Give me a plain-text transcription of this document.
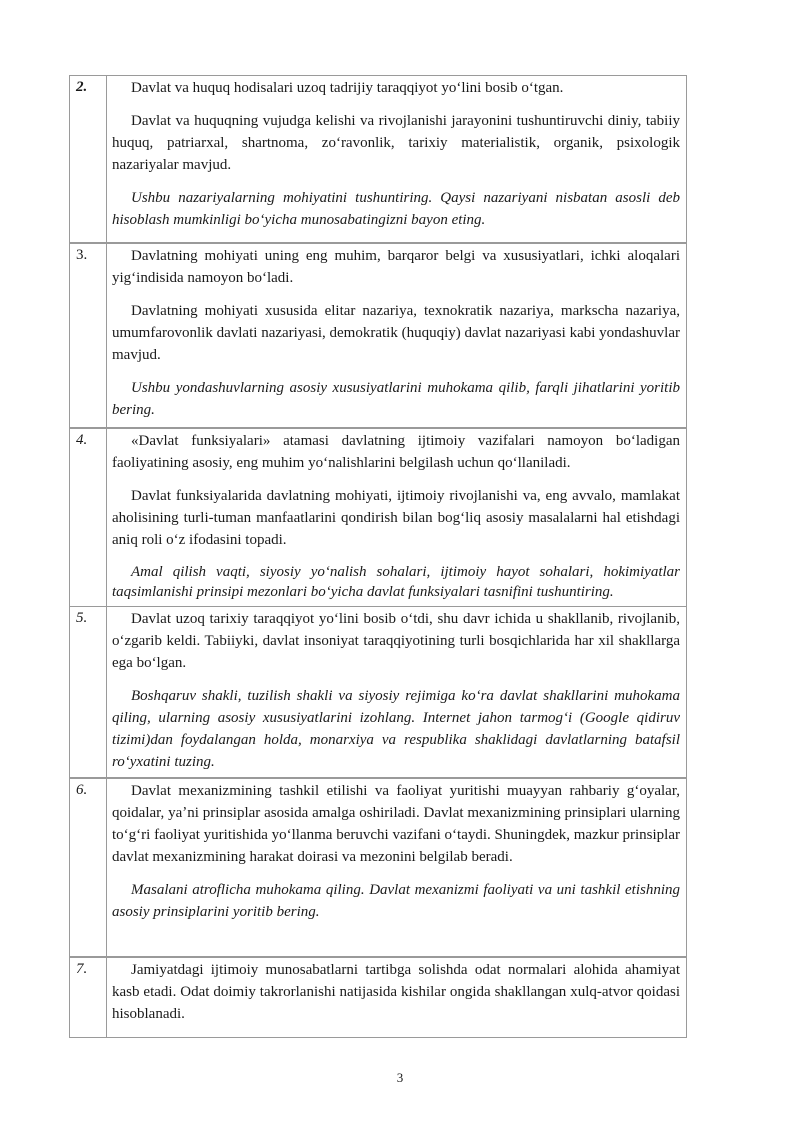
2.	Davlat va huquq hodisalari uzoq tadrijiy taraqqiyot yoʻlini bosib oʻtgan.

Davlat va huquqning vujudga kelishi va rivojlanishi jarayonini tushuntiruvchi diniy, tabiiy huquq, patriarxal, shartnoma, zoʻravonlik, tarixiy materialistik, organik, psixologik nazariyalar mavjud.

Ushbu nazariyalarning mohiyatini tushuntiring. Qaysi nazariyani nisbatan asosli deb hisoblash mumkinligi boʻyicha munosabatingizni bayon eting.

3.	Davlatning mohiyati uning eng muhim, barqaror belgi va xususiyatlari, ichki aloqalari yigʻindisida namoyon boʻladi.

Davlatning mohiyati xususida elitar nazariya, texnokratik nazariya, markscha nazariya, umumfarovonlik davlati nazariyasi, demokratik (huquqiy) davlat nazariyasi kabi yondashuvlar mavjud.

Ushbu yondashuvlarning asosiy xususiyatlarini muhokama qilib, farqli jihatlarini yoritib bering.

4.	«Davlat funksiyalari» atamasi davlatning ijtimoiy vazifalari namoyon boʻladigan faoliyatining asosiy, eng muhim yoʻnalishlarini belgilash uchun qoʻllaniladi.

Davlat funksiyalarida davlatning mohiyati, ijtimoiy rivojlanishi va, eng avvalo, mamlakat aholisining turli-tuman manfaatlarini qondirish bilan bogʻliq asosiy masalalarni hal etishdagi aniq roli oʻz ifodasini topadi.

Amal qilish vaqti, siyosiy yoʻnalish sohalari, ijtimoiy hayot sohalari, hokimiyatlar taqsimlanishi prinsipi mezonlari boʻyicha davlat funksiyalari tasnifini tushuntiring.

5.	Davlat uzoq tarixiy taraqqiyot yoʻlini bosib oʻtdi, shu davr ichida u shakllanib, rivojlanib, oʻzgarib keldi. Tabiiyki, davlat insoniyat taraqqiyotining turli bosqichlarida har xil shakllarga ega boʻlgan.

Boshqaruv shakli, tuzilish shakli va siyosiy rejimiga koʻra davlat shakllarini muhokama qiling, ularning asosiy xususiyatlarini izohlang. Internet jahon tarmogʻi (Google qidiruv tizimi)dan foydalangan holda, monarxiya va respublika shaklidagi davlatlarning batafsil roʻyxatini tuzing.

6.	Davlat mexanizmining tashkil etilishi va faoliyat yuritishi muayyan rahbariy gʻoyalar, qoidalar, yaʼni prinsiplar asosida amalga oshiriladi. Davlat mexanizmining prinsiplari ularning toʻgʻri faoliyat yuritishida yoʻllanma beruvchi vazifani oʻtaydi. Shuningdek, mazkur prinsiplar davlat mexanizmining harakat doirasi va mezonini belgilab beradi.

Masalani atroflicha muhokama qiling. Davlat mexanizmi faoliyati va uni tashkil etishning asosiy prinsiplarini yoritib bering.

7.	Jamiyatdagi ijtimoiy munosabatlarni tartibga solishda odat normalari alohida ahamiyat kasb etadi. Odat doimiy takrorlanishi natijasida kishilar ongida shakllangan xulq-atvor qoidasi hisoblanadi.

3
